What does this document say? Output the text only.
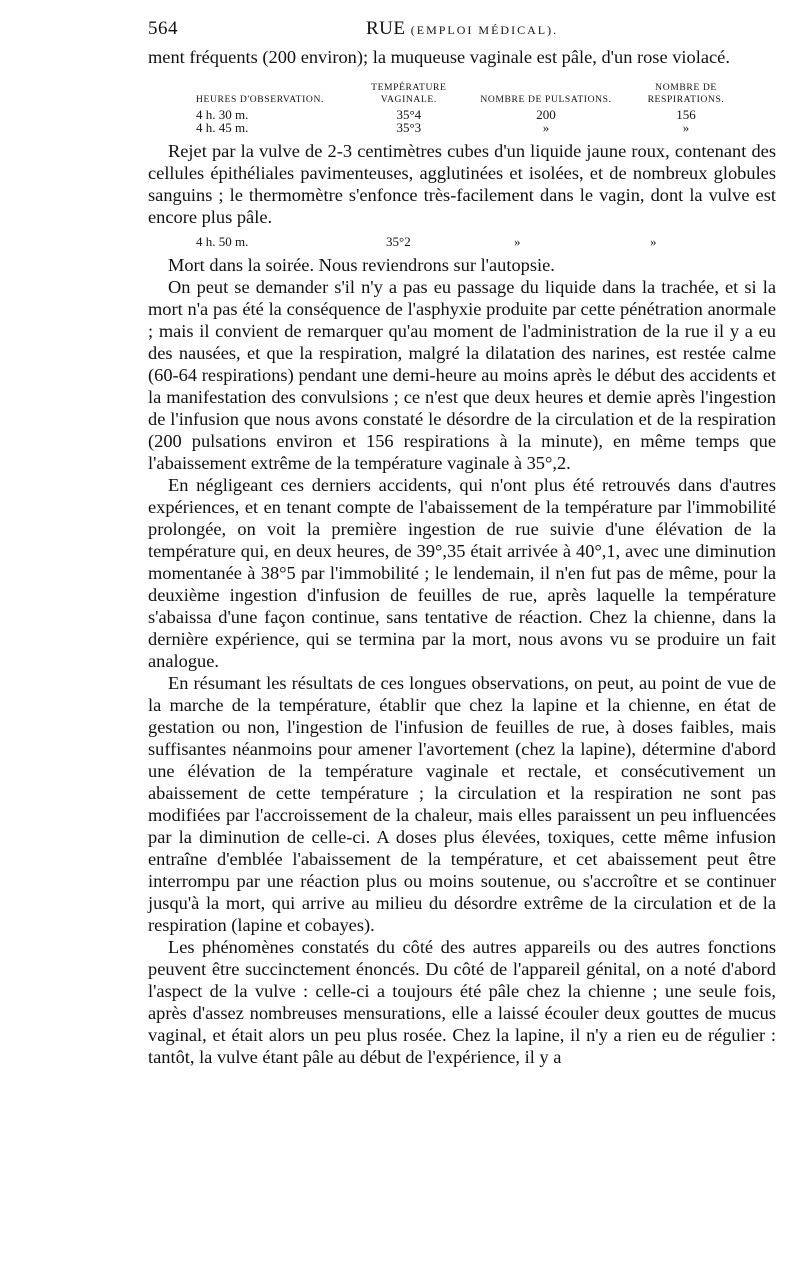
564	RUE (EMPLOI MÉDICAL).

ment fréquents (200 environ); la muqueuse vaginale est pâle, d'un rose violacé.

HEURES D'OBSERVATION.	TEMPÉRATURE VAGINALE.	NOMBRE DE PULSATIONS.	NOMBRE DE RESPIRATIONS.
4 h. 30 m.	35°4	200	156
4 h. 45 m.	35°3	»	»

Rejet par la vulve de 2-3 centimètres cubes d'un liquide jaune roux, contenant des cellules épithéliales pavimenteuses, agglutinées et isolées, et de nombreux globules sanguins ; le thermomètre s'enfonce très-facilement dans le vagin, dont la vulve est encore plus pâle.

4 h. 50 m.	35°2	»	»

Mort dans la soirée. Nous reviendrons sur l'autopsie.

On peut se demander s'il n'y a pas eu passage du liquide dans la trachée, et si la mort n'a pas été la conséquence de l'asphyxie produite par cette pénétration anormale ; mais il convient de remarquer qu'au moment de l'administration de la rue il y a eu des nausées, et que la respiration, malgré la dilatation des narines, est restée calme (60-64 respirations) pendant une demi-heure au moins après le début des accidents et la manifestation des convulsions ; ce n'est que deux heures et demie après l'ingestion de l'infusion que nous avons constaté le désordre de la circulation et de la respiration (200 pulsations environ et 156 respirations à la minute), en même temps que l'abaissement extrême de la température vaginale à 35°,2.

En négligeant ces derniers accidents, qui n'ont plus été retrouvés dans d'autres expériences, et en tenant compte de l'abaissement de la température par l'immobilité prolongée, on voit la première ingestion de rue suivie d'une élévation de la température qui, en deux heures, de 39°,35 était arrivée à 40°,1, avec une diminution momentanée à 38°5 par l'immobilité ; le lendemain, il n'en fut pas de même, pour la deuxième ingestion d'infusion de feuilles de rue, après laquelle la température s'abaissa d'une façon continue, sans tentative de réaction. Chez la chienne, dans la dernière expérience, qui se termina par la mort, nous avons vu se produire un fait analogue.

En résumant les résultats de ces longues observations, on peut, au point de vue de la marche de la température, établir que chez la lapine et la chienne, en état de gestation ou non, l'ingestion de l'infusion de feuilles de rue, à doses faibles, mais suffisantes néanmoins pour amener l'avortement (chez la lapine), détermine d'abord une élévation de la température vaginale et rectale, et consécutivement un abaissement de cette température ; la circulation et la respiration ne sont pas modifiées par l'accroissement de la chaleur, mais elles paraissent un peu influencées par la diminution de celle-ci. A doses plus élevées, toxiques, cette même infusion entraîne d'emblée l'abaissement de la température, et cet abaissement peut être interrompu par une réaction plus ou moins soutenue, ou s'accroître et se continuer jusqu'à la mort, qui arrive au milieu du désordre extrême de la circulation et de la respiration (lapine et cobayes).

Les phénomènes constatés du côté des autres appareils ou des autres fonctions peuvent être succinctement énoncés. Du côté de l'appareil génital, on a noté d'abord l'aspect de la vulve : celle-ci a toujours été pâle chez la chienne ; une seule fois, après d'assez nombreuses mensurations, elle a laissé écouler deux gouttes de mucus vaginal, et était alors un peu plus rosée. Chez la lapine, il n'y a rien eu de régulier : tantôt, la vulve étant pâle au début de l'expérience, il y a
